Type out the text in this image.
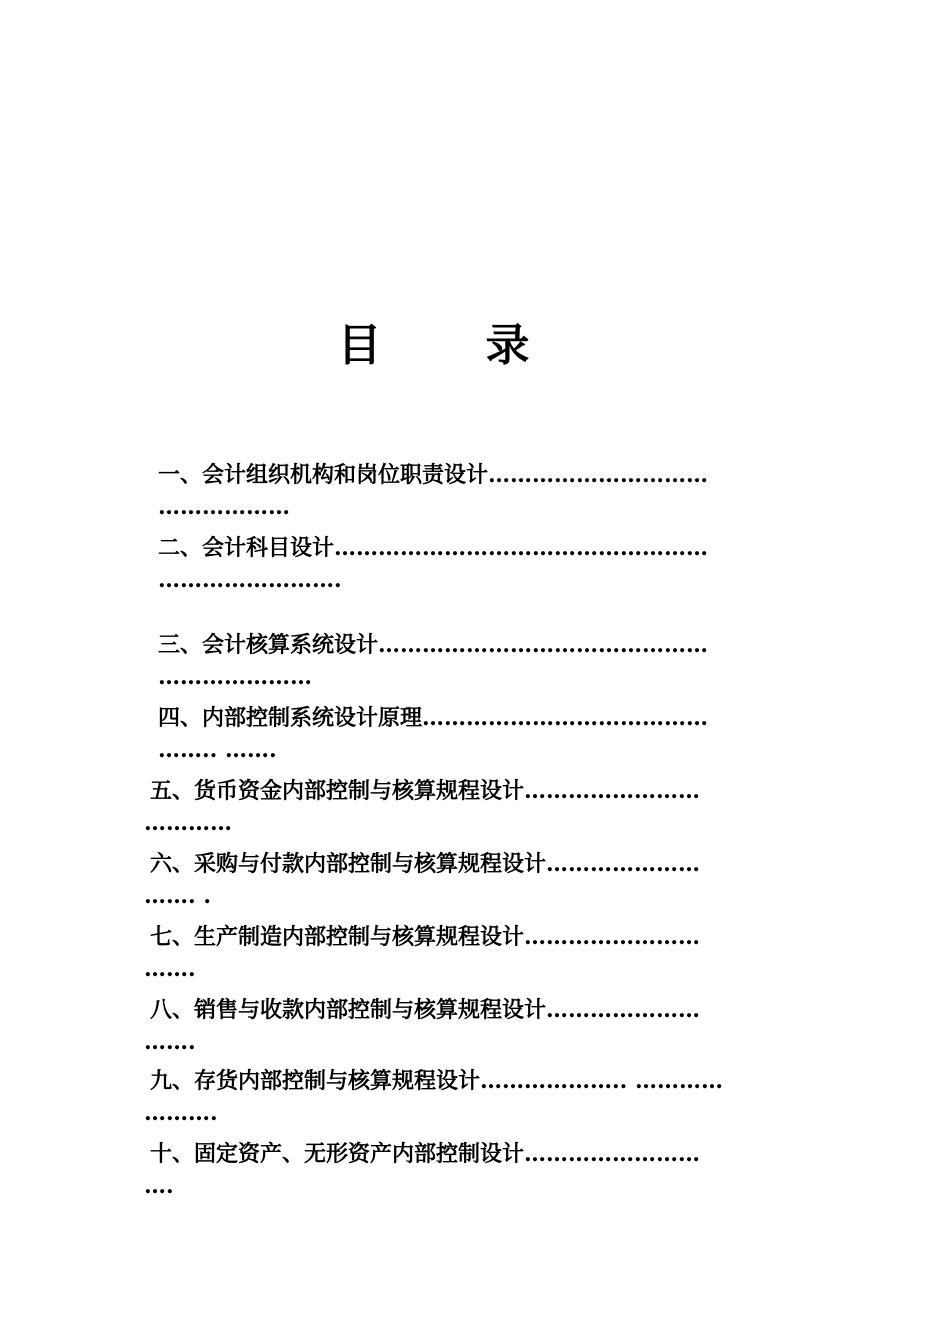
目　录
一、会计组织机构和岗位职责设计…………………………
………………
二、会计科目设计……………………………………………
…………………….
三、会计核算系统设计………………………………………
…………………
四、内部控制系统设计原理…………………………………
…….. …….
五、货币资金内部控制与核算规程设计……………………
…………
六、采购与付款内部控制与核算规程设计…………………
……. .
七、生产制造内部控制与核算规程设计……………………
…….
八、销售与收款内部控制与核算规程设计…………………
…….
九、存货内部控制与核算规程设计……………….. …………
……….
十、固定资产、无形资产内部控制设计……………………
….
